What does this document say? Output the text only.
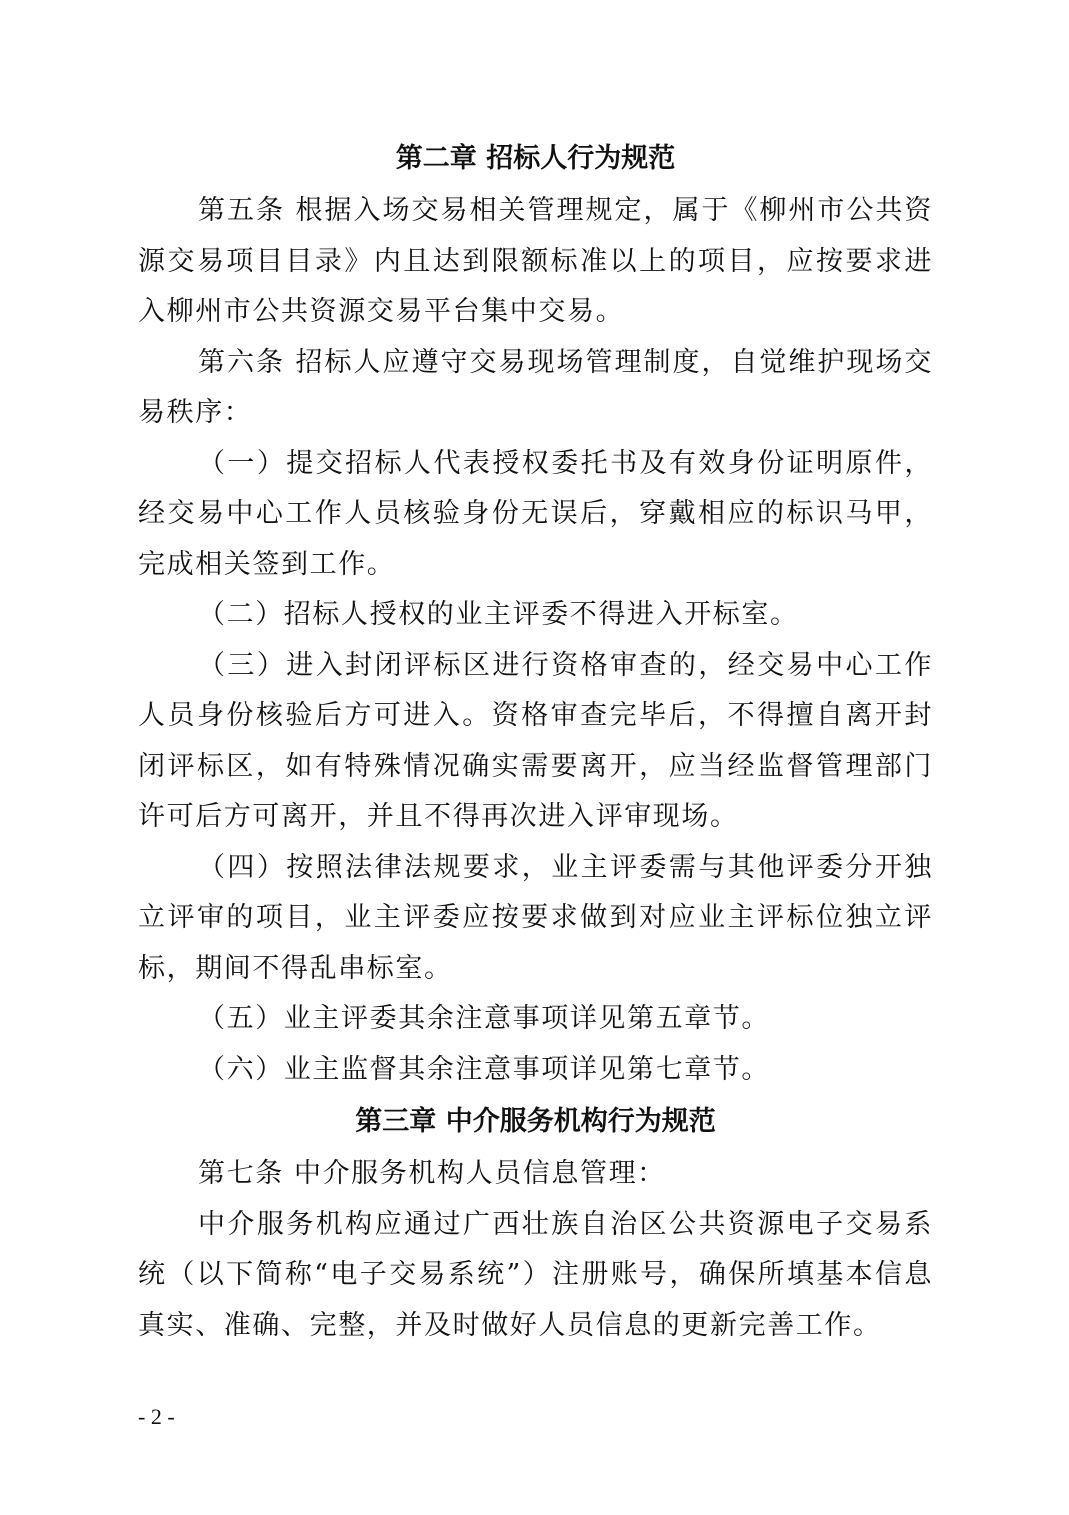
第二章 招标人行为规范

第五条 根据入场交易相关管理规定，属于《柳州市公共资源交易项目目录》内且达到限额标准以上的项目，应按要求进入柳州市公共资源交易平台集中交易。

第六条 招标人应遵守交易现场管理制度，自觉维护现场交易秩序：

（一）提交招标人代表授权委托书及有效身份证明原件，经交易中心工作人员核验身份无误后，穿戴相应的标识马甲，完成相关签到工作。

（二）招标人授权的业主评委不得进入开标室。

（三）进入封闭评标区进行资格审查的，经交易中心工作人员身份核验后方可进入。资格审查完毕后，不得擅自离开封闭评标区，如有特殊情况确实需要离开，应当经监督管理部门许可后方可离开，并且不得再次进入评审现场。

（四）按照法律法规要求，业主评委需与其他评委分开独立评审的项目，业主评委应按要求做到对应业主评标位独立评标，期间不得乱串标室。

（五）业主评委其余注意事项详见第五章节。

（六）业主监督其余注意事项详见第七章节。

第三章 中介服务机构行为规范

第七条 中介服务机构人员信息管理：

中介服务机构应通过广西壮族自治区公共资源电子交易系统（以下简称“电子交易系统”）注册账号，确保所填基本信息真实、准确、完整，并及时做好人员信息的更新完善工作。

- 2 -
